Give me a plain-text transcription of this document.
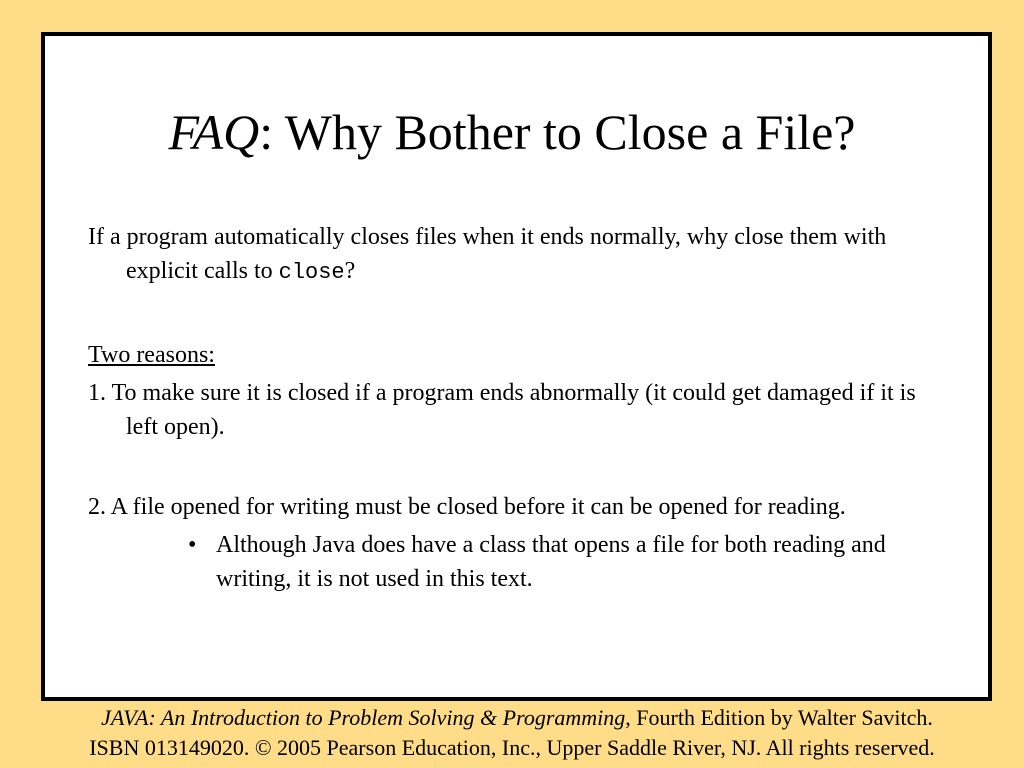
FAQ: Why Bother to Close a File?

If a program automatically closes files when it ends normally, why close them with explicit calls to close?

Two reasons:

1. To make sure it is closed if a program ends abnormally (it could get damaged if it is left open).

2. A file opened for writing must be closed before it can be opened for reading.

• Although Java does have a class that opens a file for both reading and writing, it is not used in this text.

JAVA: An Introduction to Problem Solving & Programming, Fourth Edition by Walter Savitch.
ISBN 013149020. © 2005 Pearson Education, Inc., Upper Saddle River, NJ. All rights reserved.
